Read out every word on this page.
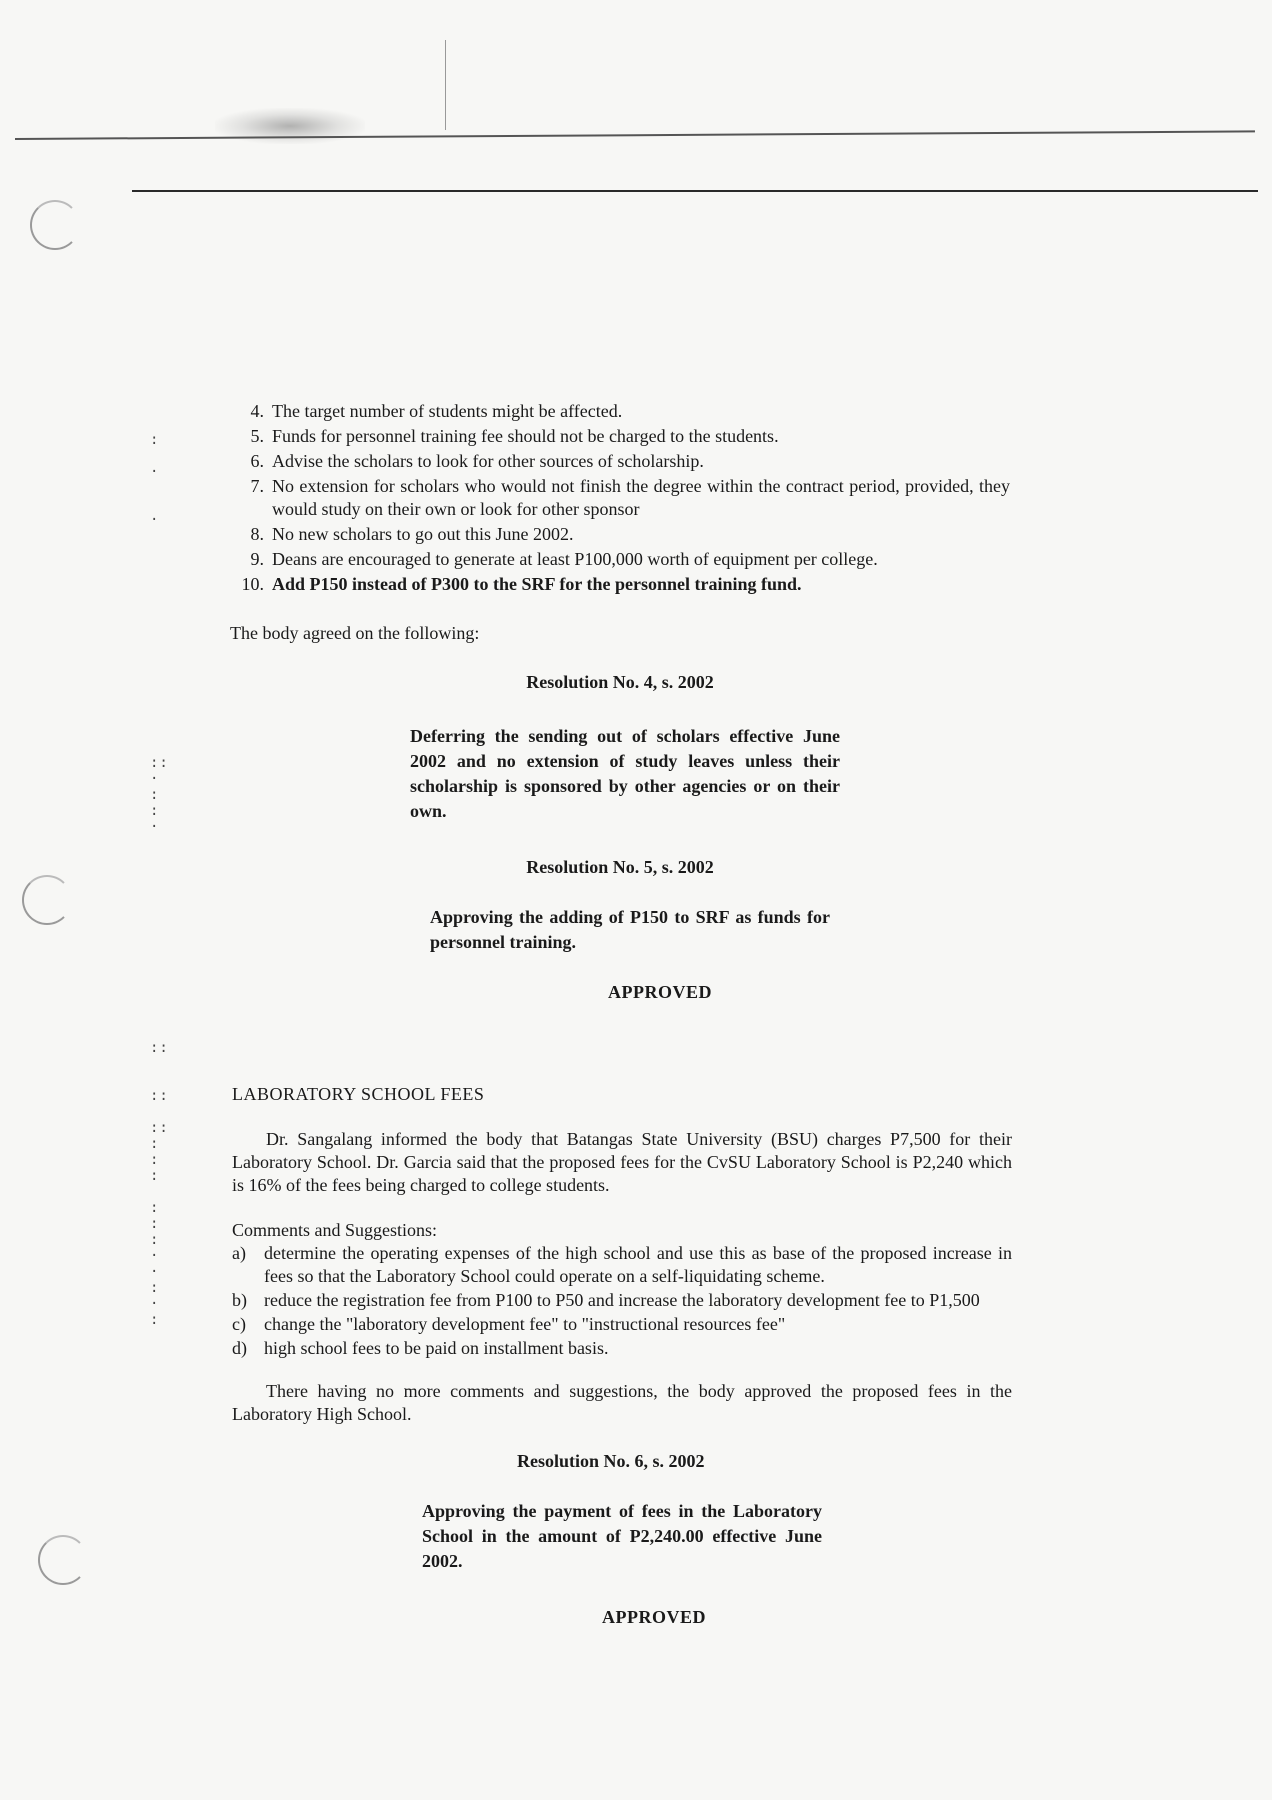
:

·

·
::
·
:
:
·
::

::

::
:
:
:

:
:
:
·
·
:
·
:
4. The target number of students might be affected.
5. Funds for personnel training fee should not be charged to the students.
6. Advise the scholars to look for other sources of scholarship.
7. No extension for scholars who would not finish the degree within the contract period, provided, they would study on their own or look for other sponsor
8. No new scholars to go out this June 2002.
9. Deans are encouraged to generate at least P100,000 worth of equipment per college.
10. Add P150 instead of P300 to the SRF for the personnel training fund.

The body agreed on the following:

Resolution No. 4, s. 2002

Deferring the sending out of scholars effective June 2002 and no extension of study leaves unless their scholarship is sponsored by other agencies or on their own.

Resolution No. 5, s. 2002

Approving the adding of P150 to SRF as funds for personnel training.

APPROVED

LABORATORY SCHOOL FEES

Dr. Sangalang informed the body that Batangas State University (BSU) charges P7,500 for their Laboratory School. Dr. Garcia said that the proposed fees for the CvSU Laboratory School is P2,240 which is 16% of the fees being charged to college students.

Comments and Suggestions:

a) determine the operating expenses of the high school and use this as base of the proposed increase in fees so that the Laboratory School could operate on a self-liquidating scheme.
b) reduce the registration fee from P100 to P50 and increase the laboratory development fee to P1,500
c) change the "laboratory development fee" to "instructional resources fee"
d) high school fees to be paid on installment basis.

There having no more comments and suggestions, the body approved the proposed fees in the Laboratory High School.

Resolution No. 6, s. 2002

Approving the payment of fees in the Laboratory School in the amount of P2,240.00 effective June 2002.

APPROVED
